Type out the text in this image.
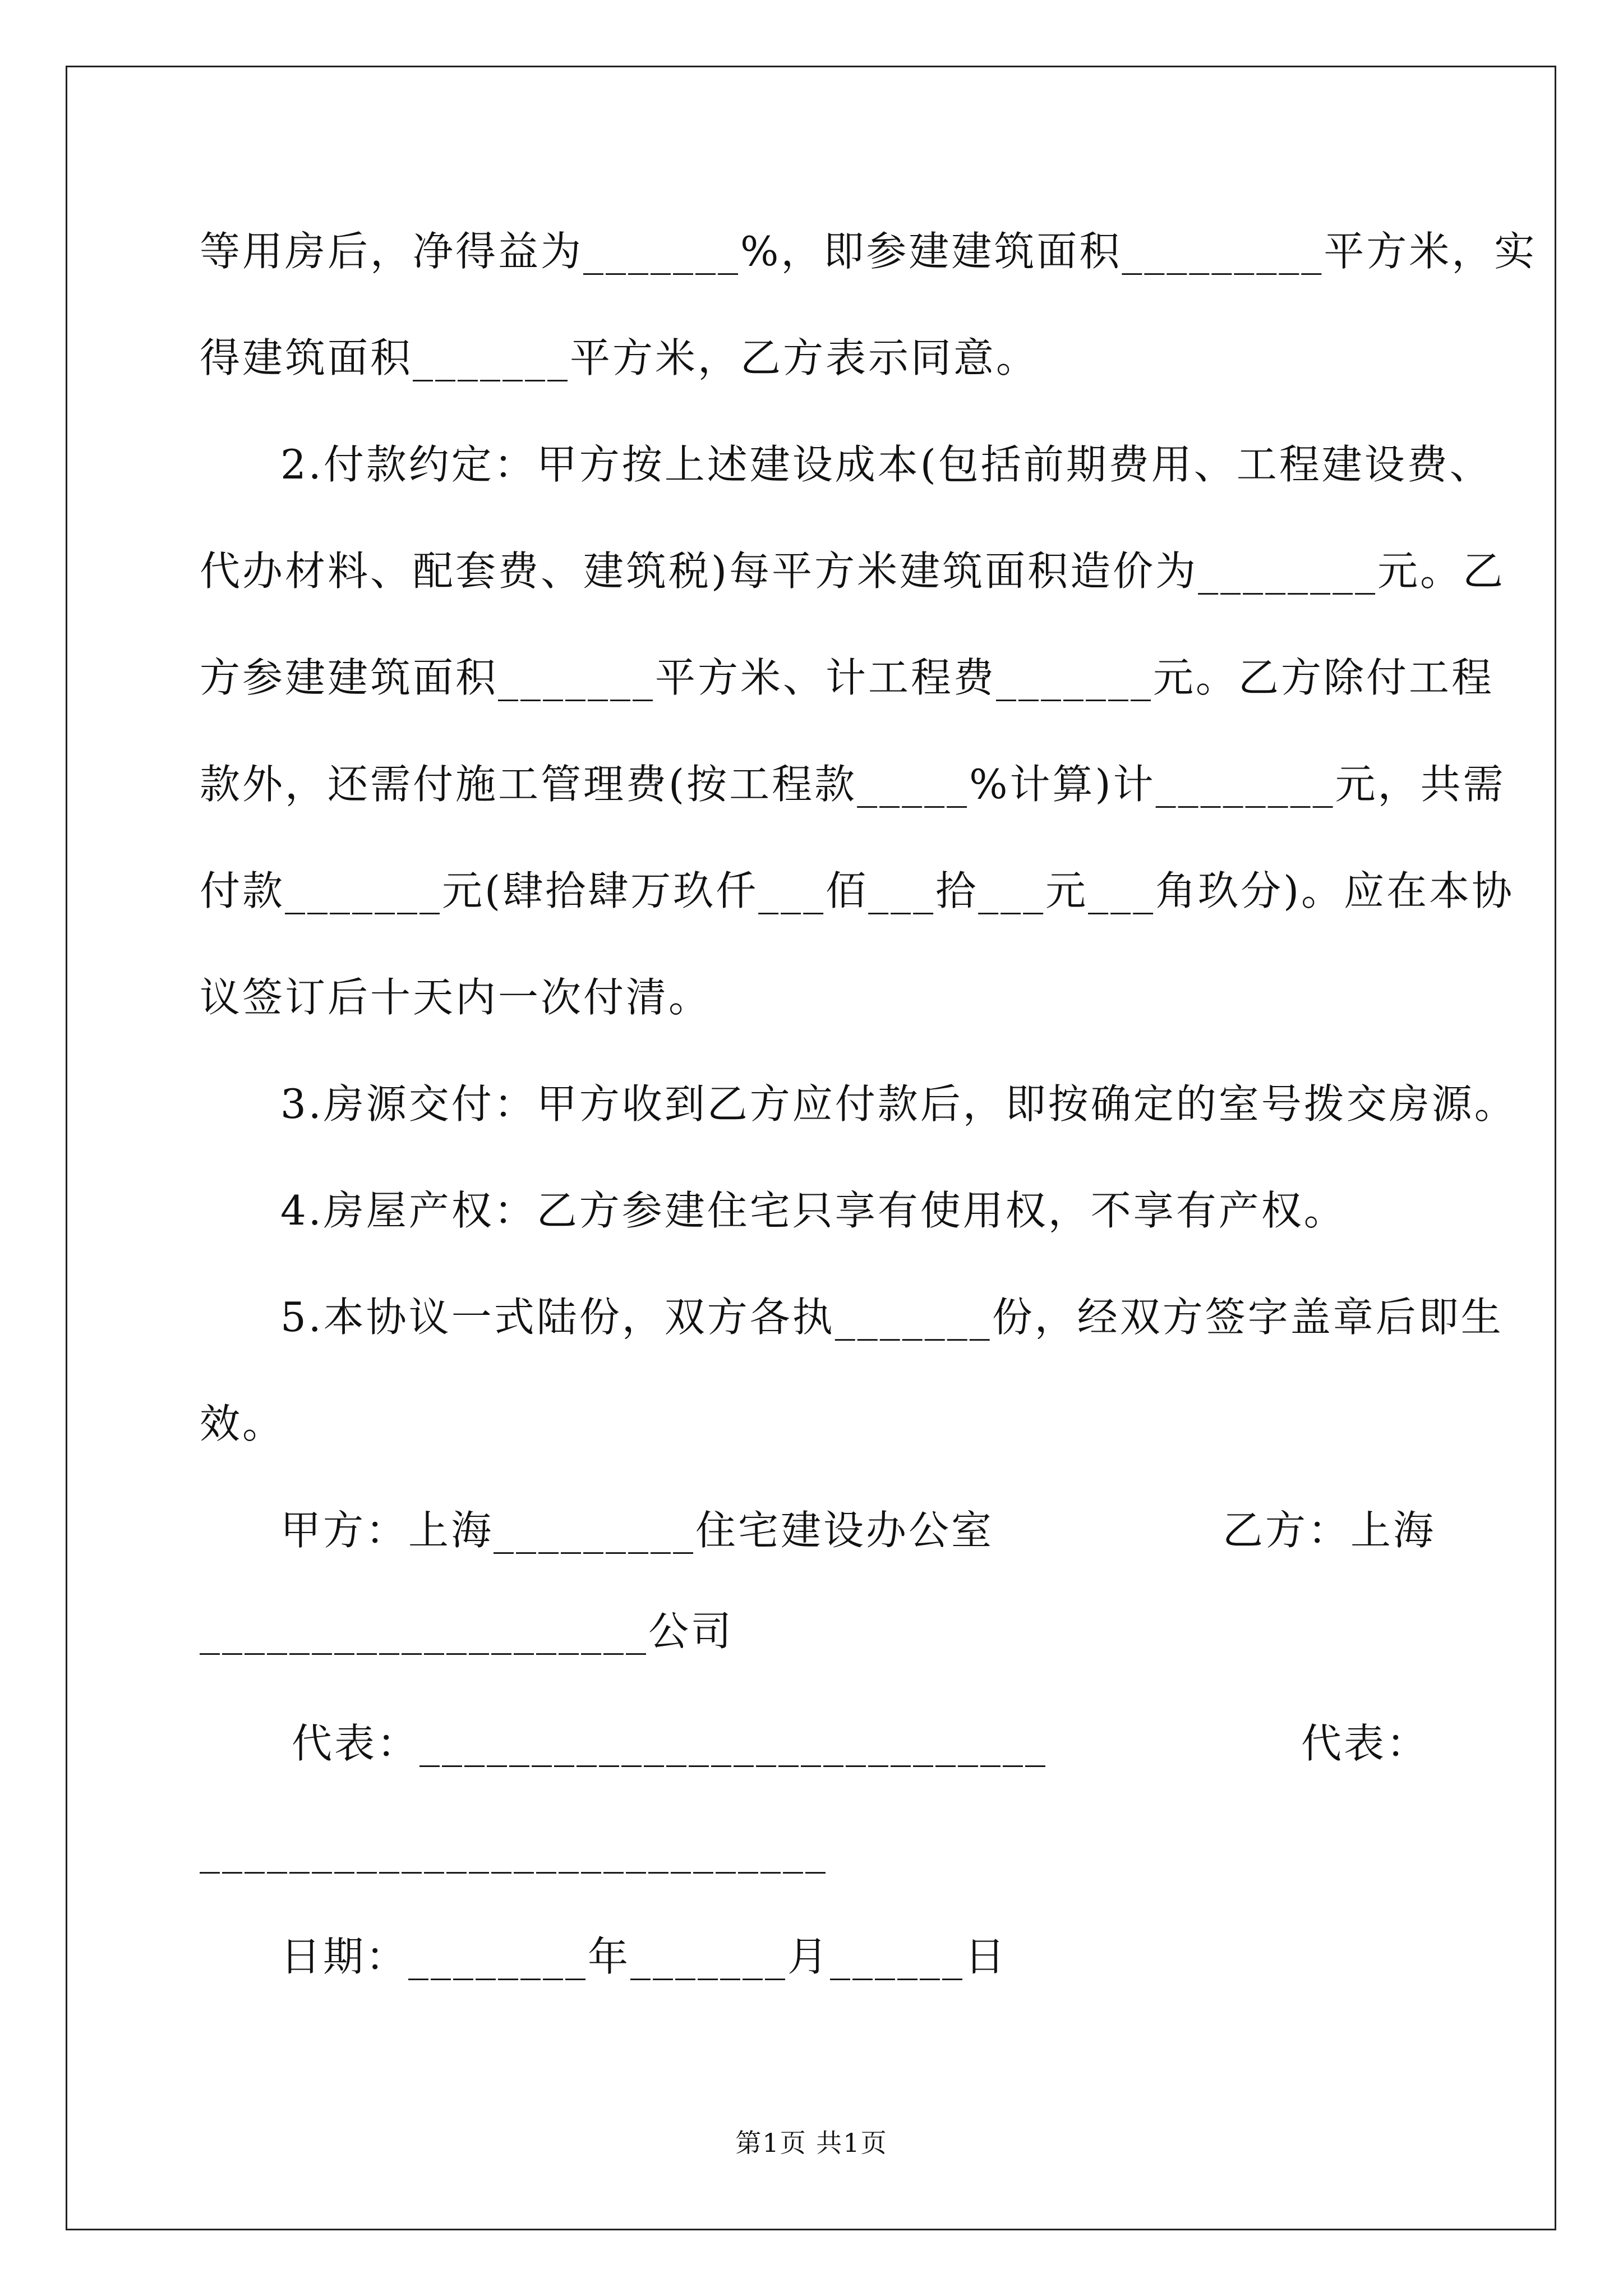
等用房后，净得益为_______%，即参建建筑面积_________平方米，实
得建筑面积_______平方米，乙方表示同意。
2.付款约定：甲方按上述建设成本(包括前期费用、工程建设费、
代办材料、配套费、建筑税)每平方米建筑面积造价为________元。乙
方参建建筑面积_______平方米、计工程费_______元。乙方除付工程
款外，还需付施工管理费(按工程款_____%计算)计________元，共需
付款_______元(肆拾肆万玖仟___佰___拾___元___角玖分)。应在本协
议签订后十天内一次付清。
3.房源交付：甲方收到乙方应付款后，即按确定的室号拨交房源。
4.房屋产权：乙方参建住宅只享有使用权，不享有产权。
5.本协议一式陆份，双方各执_______份，经双方签字盖章后即生
效。
甲方：上海_________住宅建设办公室	乙方：上海
____________________公司
代表：____________________________	代表：
____________________________
日期：________年_______月______日
第1页 共1页
